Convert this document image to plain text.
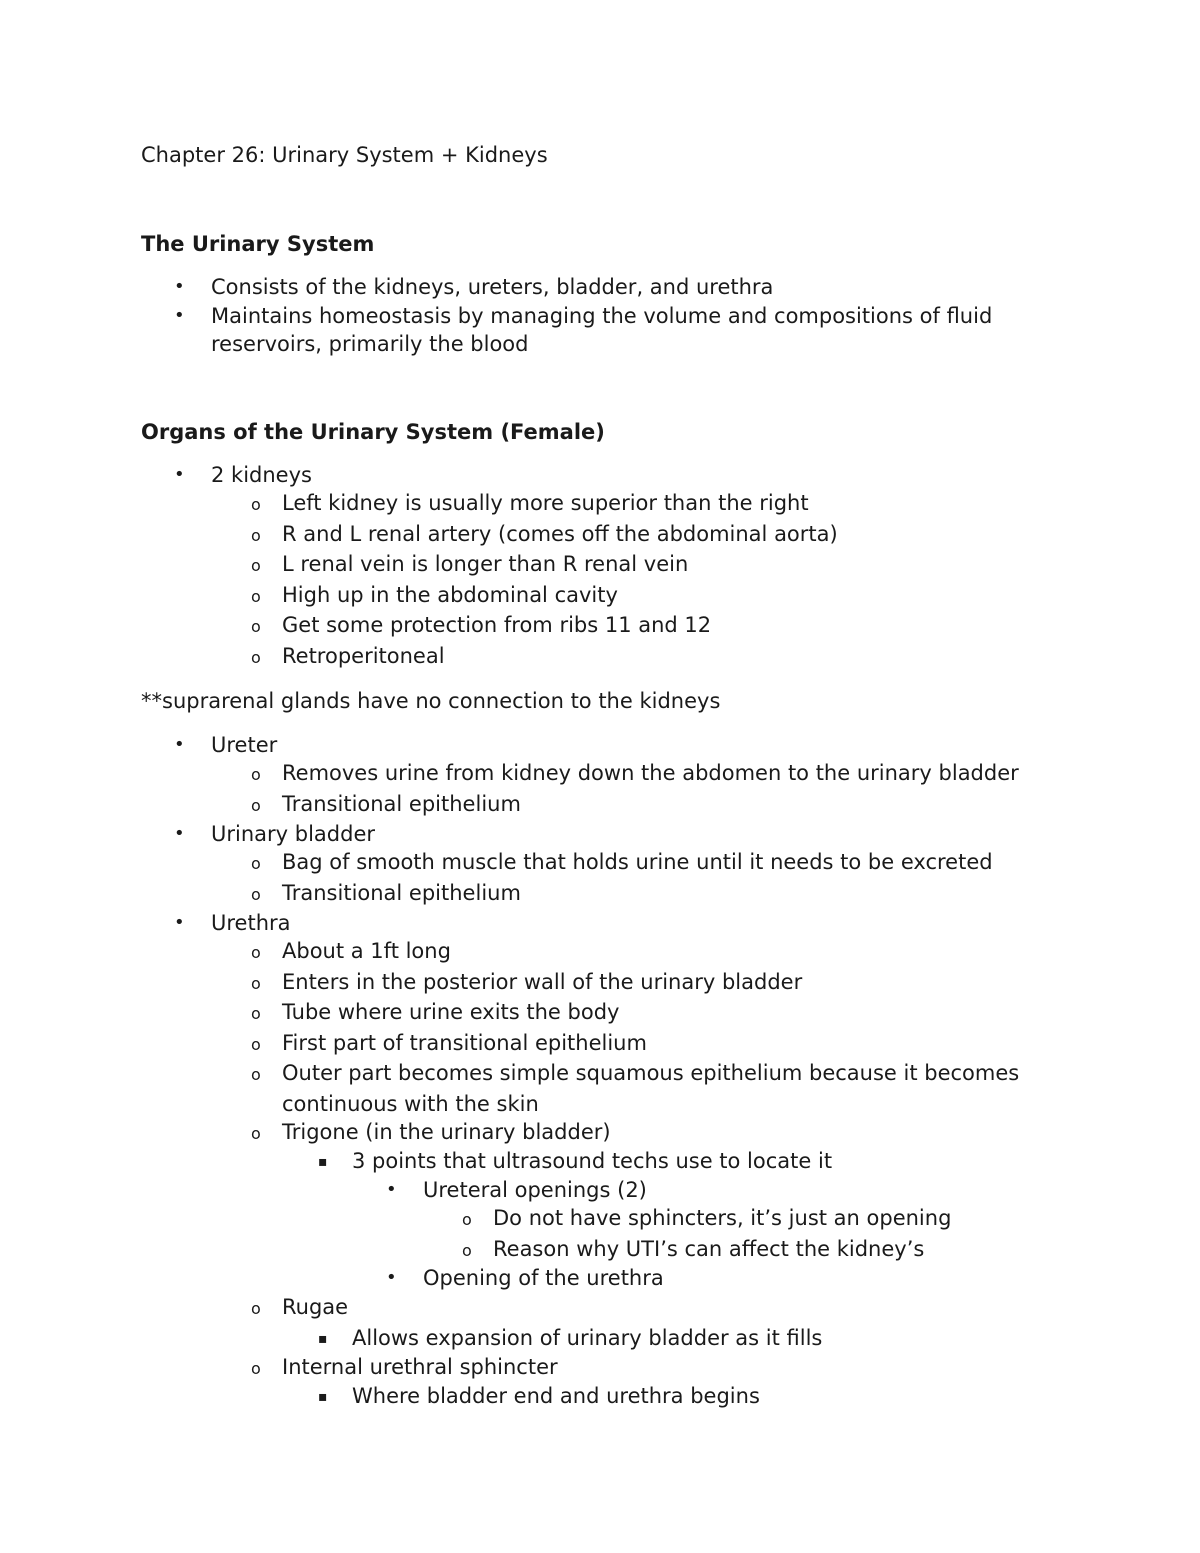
Chapter 26: Urinary System + Kidneys
The Urinary System
• Consists of the kidneys, ureters, bladder, and urethra
• Maintains homeostasis by managing the volume and compositions of fluid
reservoirs, primarily the blood
Organs of the Urinary System (Female)
• 2 kidneys
o Left kidney is usually more superior than the right
o R and L renal artery (comes off the abdominal aorta)
o L renal vein is longer than R renal vein
o High up in the abdominal cavity
o Get some protection from ribs 11 and 12
o Retroperitoneal
**suprarenal glands have no connection to the kidneys
• Ureter
o Removes urine from kidney down the abdomen to the urinary bladder
o Transitional epithelium
• Urinary bladder
o Bag of smooth muscle that holds urine until it needs to be excreted
o Transitional epithelium
• Urethra
o About a 1ft long
o Enters in the posterior wall of the urinary bladder
o Tube where urine exits the body
o First part of transitional epithelium
o Outer part becomes simple squamous epithelium because it becomes
continuous with the skin
o Trigone (in the urinary bladder)
▪ 3 points that ultrasound techs use to locate it
• Ureteral openings (2)
o Do not have sphincters, it’s just an opening
o Reason why UTI’s can affect the kidney’s
• Opening of the urethra
o Rugae
▪ Allows expansion of urinary bladder as it fills
o Internal urethral sphincter
▪ Where bladder end and urethra begins
